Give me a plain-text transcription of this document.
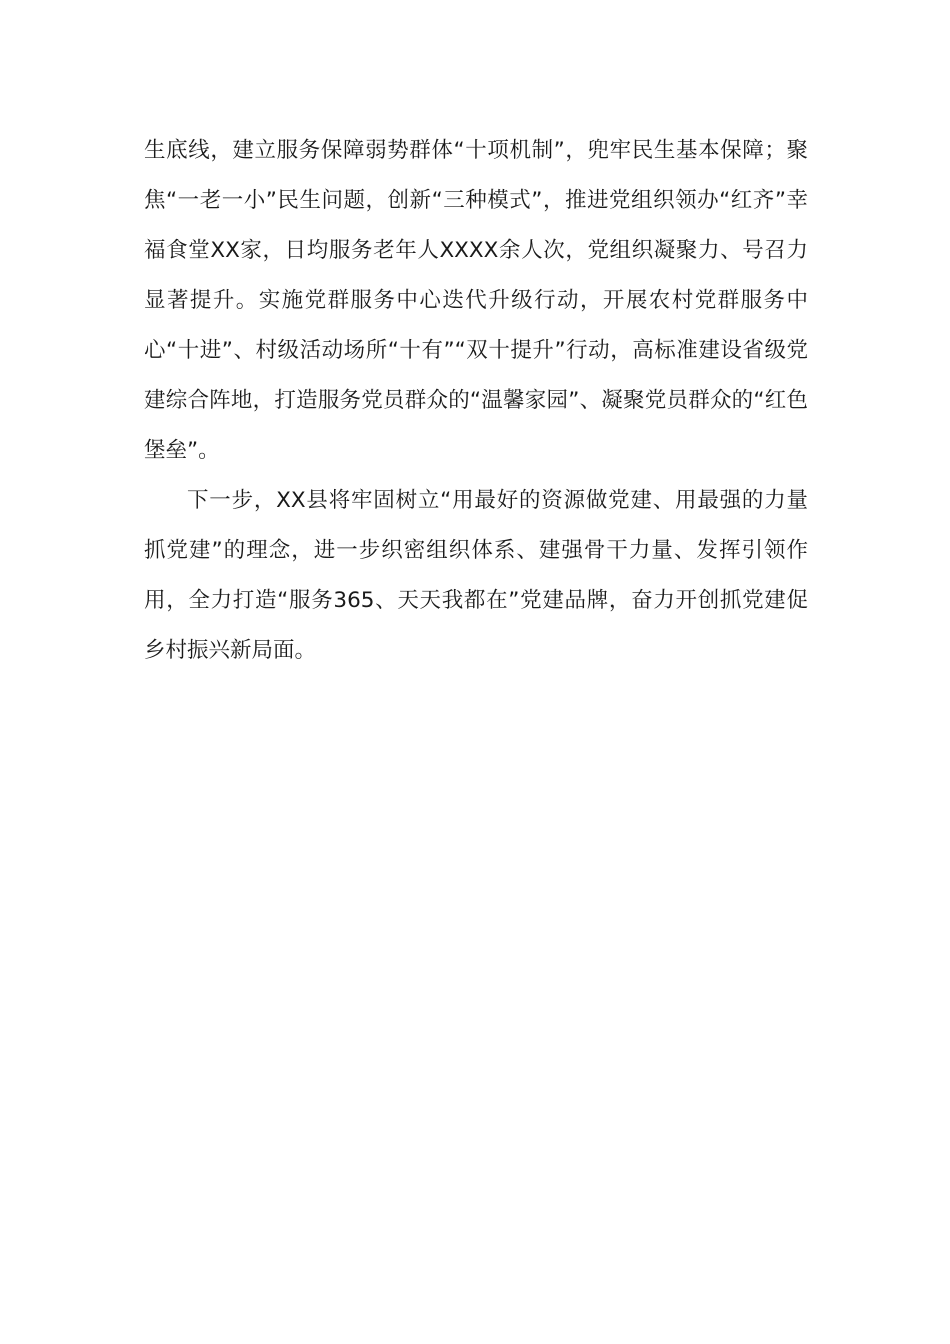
生底线，建立服务保障弱势群体“十项机制”，兜牢民生基本保障；聚焦“一老一小”民生问题，创新“三种模式”，推进党组织领办“红齐”幸福食堂XX家，日均服务老年人XXXX余人次，党组织凝聚力、号召力显著提升。实施党群服务中心迭代升级行动，开展农村党群服务中心“十进”、村级活动场所“十有”“双十提升”行动，高标准建设省级党建综合阵地，打造服务党员群众的“温馨家园”、凝聚党员群众的“红色堡垒”。

下一步，XX县将牢固树立“用最好的资源做党建、用最强的力量抓党建”的理念，进一步织密组织体系、建强骨干力量、发挥引领作用，全力打造“服务365、天天我都在”党建品牌，奋力开创抓党建促乡村振兴新局面。
